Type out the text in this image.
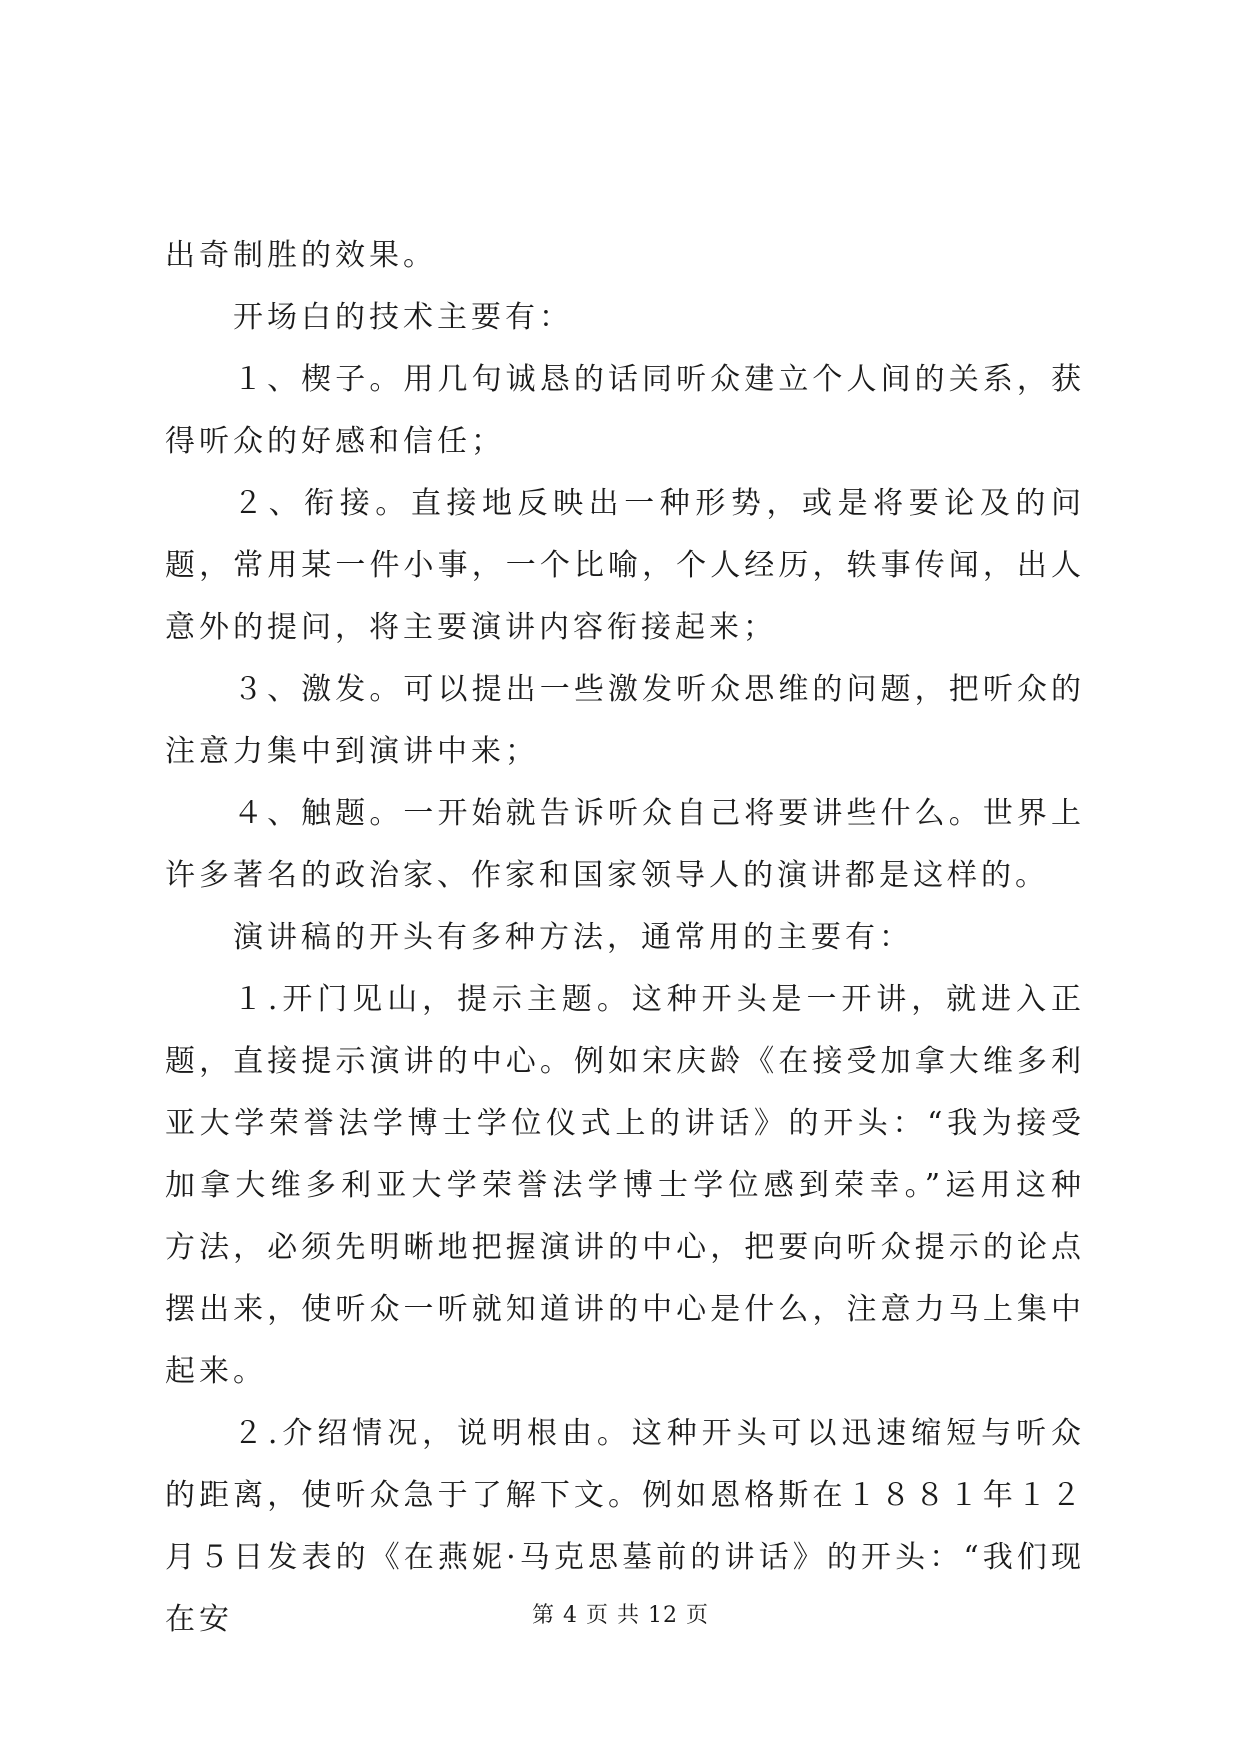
出奇制胜的效果。

开场白的技术主要有：

１、楔子。用几句诚恳的话同听众建立个人间的关系，获得听众的好感和信任；

２、衔接。直接地反映出一种形势，或是将要论及的问题，常用某一件小事，一个比喻，个人经历，轶事传闻，出人意外的提问，将主要演讲内容衔接起来；

３、激发。可以提出一些激发听众思维的问题，把听众的注意力集中到演讲中来；

４、触题。一开始就告诉听众自己将要讲些什么。世界上许多著名的政治家、作家和国家领导人的演讲都是这样的。

演讲稿的开头有多种方法，通常用的主要有：

１.开门见山，提示主题。这种开头是一开讲，就进入正题，直接提示演讲的中心。例如宋庆龄《在接受加拿大维多利亚大学荣誉法学博士学位仪式上的讲话》的开头：“我为接受加拿大维多利亚大学荣誉法学博士学位感到荣幸。”运用这种方法，必须先明晰地把握演讲的中心，把要向听众提示的论点摆出来，使听众一听就知道讲的中心是什么，注意力马上集中起来。

２.介绍情况，说明根由。这种开头可以迅速缩短与听众的距离，使听众急于了解下文。例如恩格斯在１８８１年１２月５日发表的《在燕妮·马克思墓前的讲话》的开头：“我们现在安	第 4 页 共 12 页
